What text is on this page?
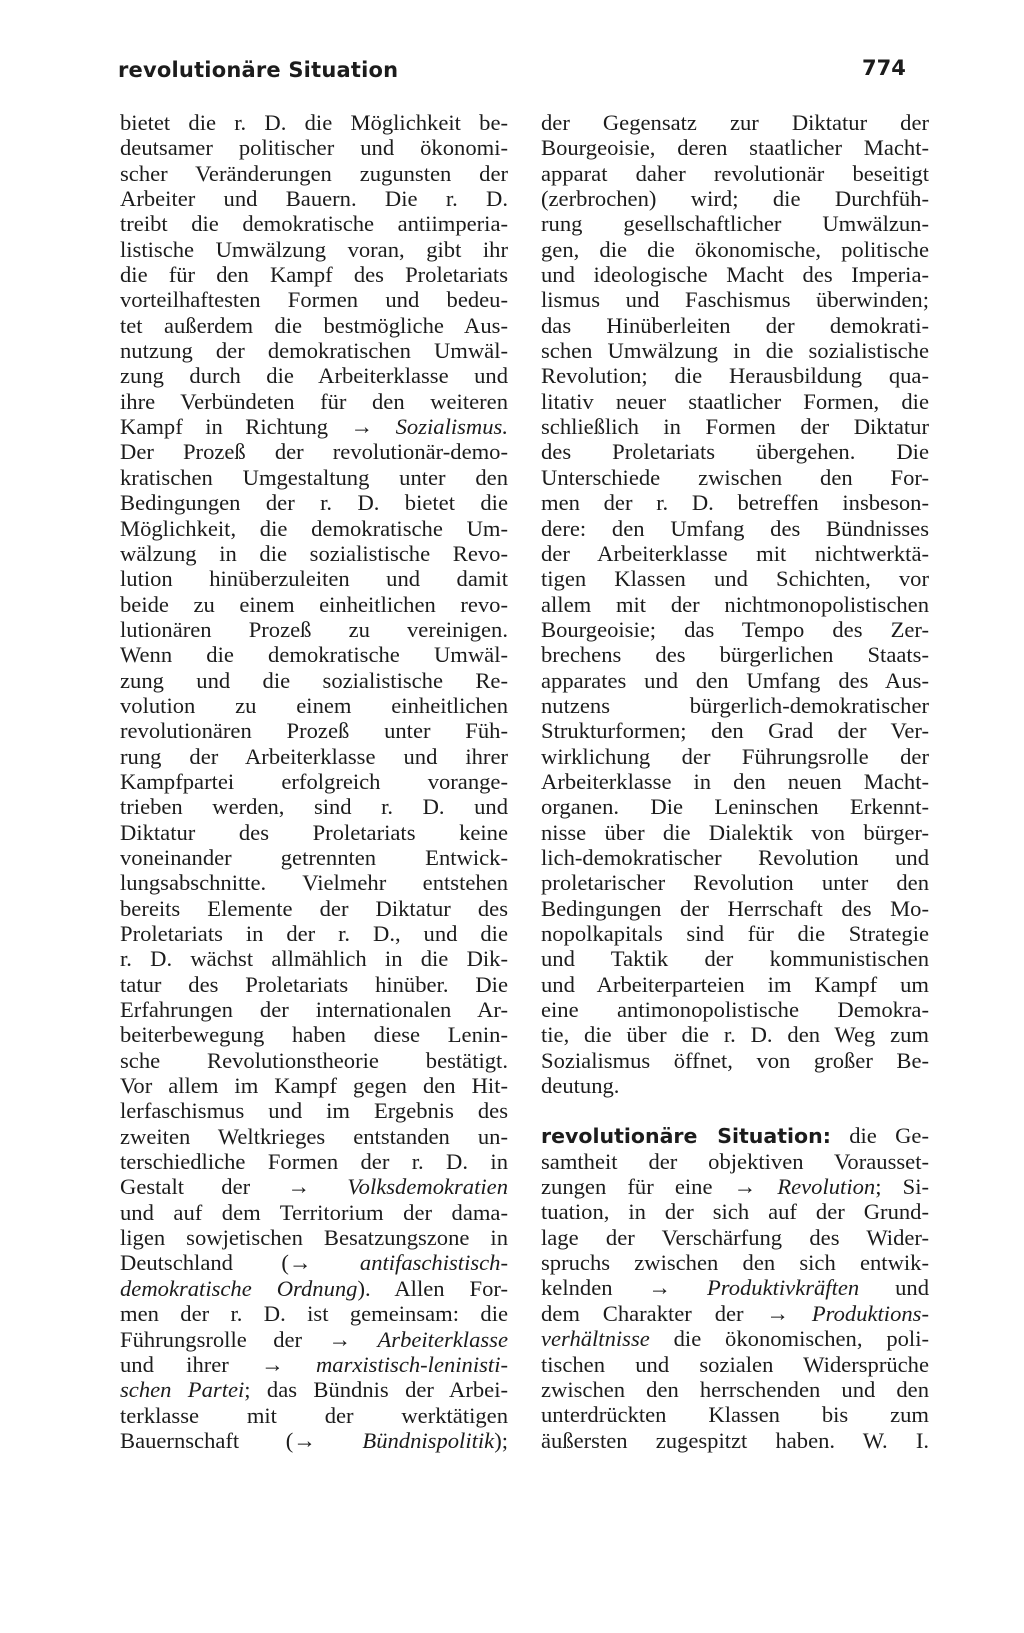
revolutionäre Situation	774
bietet die r. D. die Möglichkeit be-
deutsamer politischer und ökonomi-
scher Veränderungen zugunsten der
Arbeiter und Bauern. Die r. D.
treibt die demokratische antiimperia-
listische Umwälzung voran, gibt ihr
die für den Kampf des Proletariats
vorteilhaftesten Formen und bedeu-
tet außerdem die bestmögliche Aus-
nutzung der demokratischen Umwäl-
zung durch die Arbeiterklasse und
ihre Verbündeten für den weiteren
Kampf in Richtung → Sozialismus.
Der Prozeß der revolutionär-demo-
kratischen Umgestaltung unter den
Bedingungen der r. D. bietet die
Möglichkeit, die demokratische Um-
wälzung in die sozialistische Revo-
lution hinüberzuleiten und damit
beide zu einem einheitlichen revo-
lutionären Prozeß zu vereinigen.
Wenn die demokratische Umwäl-
zung und die sozialistische Re-
volution zu einem einheitlichen
revolutionären Prozeß unter Füh-
rung der Arbeiterklasse und ihrer
Kampfpartei erfolgreich vorange-
trieben werden, sind r. D. und
Diktatur des Proletariats keine
voneinander getrennten Entwick-
lungsabschnitte. Vielmehr entstehen
bereits Elemente der Diktatur des
Proletariats in der r. D., und die
r. D. wächst allmählich in die Dik-
tatur des Proletariats hinüber. Die
Erfahrungen der internationalen Ar-
beiterbewegung haben diese Lenin-
sche Revolutionstheorie bestätigt.
Vor allem im Kampf gegen den Hit-
lerfaschismus und im Ergebnis des
zweiten Weltkrieges entstanden un-
terschiedliche Formen der r. D. in
Gestalt der → Volksdemokratien
und auf dem Territorium der dama-
ligen sowjetischen Besatzungszone in
Deutschland (→ antifaschistisch-
demokratische Ordnung). Allen For-
men der r. D. ist gemeinsam: die
Führungsrolle der → Arbeiterklasse
und ihrer → marxistisch-leninisti-
schen Partei; das Bündnis der Arbei-
terklasse mit der werktätigen
Bauernschaft (→ Bündnispolitik);
der Gegensatz zur Diktatur der
Bourgeoisie, deren staatlicher Macht-
apparat daher revolutionär beseitigt
(zerbrochen) wird; die Durchfüh-
rung gesellschaftlicher Umwälzun-
gen, die die ökonomische, politische
und ideologische Macht des Imperia-
lismus und Faschismus überwinden;
das Hinüberleiten der demokrati-
schen Umwälzung in die sozialistische
Revolution; die Herausbildung qua-
litativ neuer staatlicher Formen, die
schließlich in Formen der Diktatur
des Proletariats übergehen. Die
Unterschiede zwischen den For-
men der r. D. betreffen insbeson-
dere: den Umfang des Bündnisses
der Arbeiterklasse mit nichtwerktä-
tigen Klassen und Schichten, vor
allem mit der nichtmonopolistischen
Bourgeoisie; das Tempo des Zer-
brechens des bürgerlichen Staats-
apparates und den Umfang des Aus-
nutzens bürgerlich-demokratischer
Strukturformen; den Grad der Ver-
wirklichung der Führungsrolle der
Arbeiterklasse in den neuen Macht-
organen. Die Leninschen Erkennt-
nisse über die Dialektik von bürger-
lich-demokratischer Revolution und
proletarischer Revolution unter den
Bedingungen der Herrschaft des Mo-
nopolkapitals sind für die Strategie
und Taktik der kommunistischen
und Arbeiterparteien im Kampf um
eine antimonopolistische Demokra-
tie, die über die r. D. den Weg zum
Sozialismus öffnet, von großer Be-
deutung.
revolutionäre Situation: die Ge-
samtheit der objektiven Vorausset-
zungen für eine → Revolution; Si-
tuation, in der sich auf der Grund-
lage der Verschärfung des Wider-
spruchs zwischen den sich entwik-
kelnden → Produktivkräften und
dem Charakter der → Produktions-
verhältnisse die ökonomischen, poli-
tischen und sozialen Widersprüche
zwischen den herrschenden und den
unterdrückten Klassen bis zum
äußersten zugespitzt haben. W. I.
